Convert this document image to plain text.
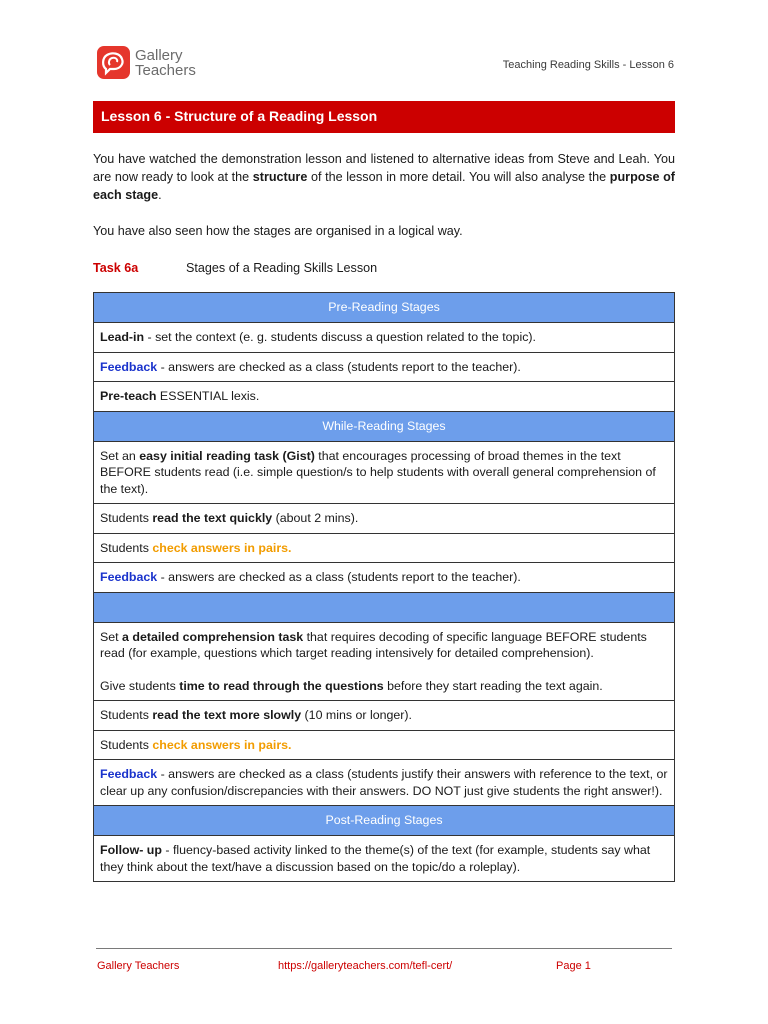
Gallery
Teachers	Teaching Reading Skills - Lesson 6
Lesson 6 - Structure of a Reading Lesson

You have watched the demonstration lesson and listened to alternative ideas from Steve and Leah. You are now ready to look at the structure of the lesson in more detail. You will also analyse the purpose of each stage.

You have also seen how the stages are organised in a logical way.

Task 6a	Stages of a Reading Skills Lesson
Pre-Reading Stages
Lead-in - set the context (e. g. students discuss a question related to the topic).
Feedback - answers are checked as a class (students report to the teacher).
Pre-teach ESSENTIAL lexis.
While-Reading Stages
Set an easy initial reading task (Gist) that encourages processing of broad themes in the text BEFORE students read (i.e. simple question/s to help students with overall general comprehension of the text).
Students read the text quickly (about 2 mins).
Students check answers in pairs.
Feedback - answers are checked as a class (students report to the teacher).

Set a detailed comprehension task that requires decoding of specific language BEFORE students read (for example, questions which target reading intensively for detailed comprehension).
Give students time to read through the questions before they start reading the text again.

Students read the text more slowly (10 mins or longer).
Students check answers in pairs.
Feedback - answers are checked as a class (students justify their answers with reference to the text, or clear up any confusion/discrepancies with their answers. DO NOT just give students the right answer!).
Post-Reading Stages
Follow- up - fluency-based activity linked to the theme(s) of the text (for example, students say what they think about the text/have a discussion based on the topic/do a roleplay).
Gallery Teachers	https://galleryteachers.com/tefl-cert/	Page 1
